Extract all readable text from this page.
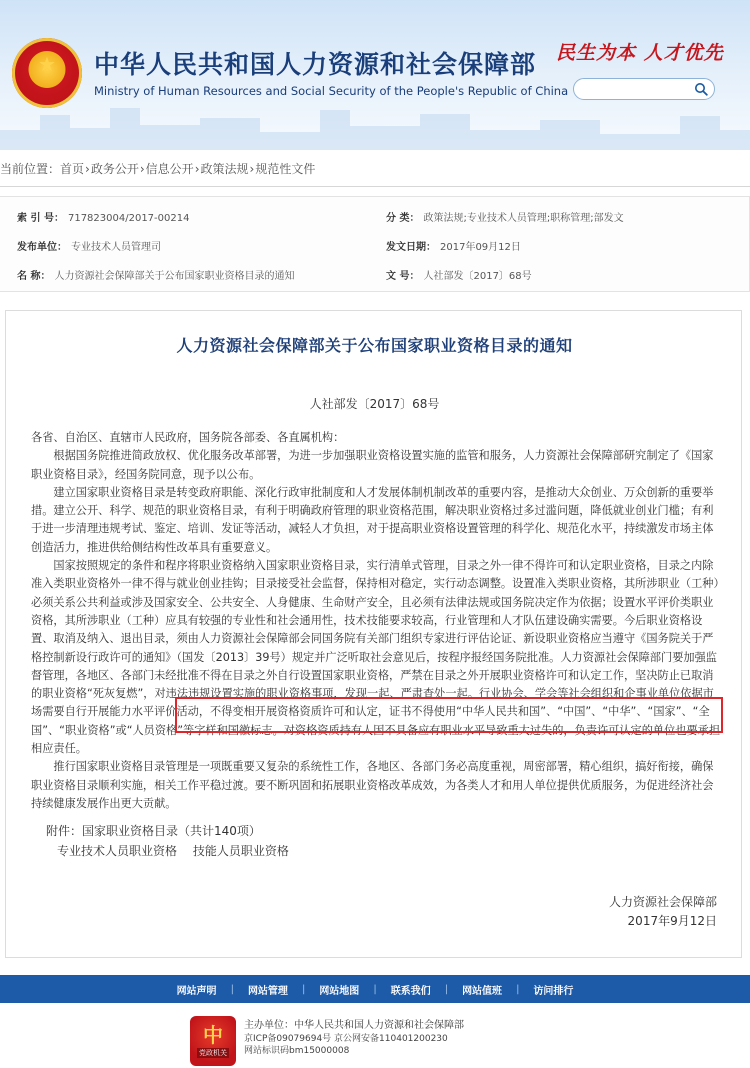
★ 中华人民共和国人力资源和社会保障部
Ministry of Human Resources and Social Security of the People's Republic of China
民生为本 人才优先
当前位置：首页›政务公开›信息公开›政策法规›规范性文件
索 引 号： 717823004/2017-00214	分 类： 政策法规;专业技术人员管理;职称管理;部发文
发布单位： 专业技术人员管理司	发文日期： 2017年09月12日
名 称： 人力资源社会保障部关于公布国家职业资格目录的通知	文 号： 人社部发〔2017〕68号
人力资源社会保障部关于公布国家职业资格目录的通知
人社部发〔2017〕68号

各省、自治区、直辖市人民政府，国务院各部委、各直属机构：

根据国务院推进简政放权、优化服务改革部署，为进一步加强职业资格设置实施的监管和服务，人力资源社会保障部研究制定了《国家职业资格目录》，经国务院同意，现予以公布。

建立国家职业资格目录是转变政府职能、深化行政审批制度和人才发展体制机制改革的重要内容，是推动大众创业、万众创新的重要举措。建立公开、科学、规范的职业资格目录，有利于明确政府管理的职业资格范围，解决职业资格过多过滥问题，降低就业创业门槛；有利于进一步清理违规考试、鉴定、培训、发证等活动，减轻人才负担，对于提高职业资格设置管理的科学化、规范化水平，持续激发市场主体创造活力，推进供给侧结构性改革具有重要意义。

国家按照规定的条件和程序将职业资格纳入国家职业资格目录，实行清单式管理，目录之外一律不得许可和认定职业资格，目录之内除准入类职业资格外一律不得与就业创业挂钩；目录接受社会监督，保持相对稳定，实行动态调整。设置准入类职业资格，其所涉职业（工种）必须关系公共利益或涉及国家安全、公共安全、人身健康、生命财产安全，且必须有法律法规或国务院决定作为依据；设置水平评价类职业资格，其所涉职业（工种）应具有较强的专业性和社会通用性，技术技能要求较高，行业管理和人才队伍建设确实需要。今后职业资格设置、取消及纳入、退出目录，须由人力资源社会保障部会同国务院有关部门组织专家进行评估论证、新设职业资格应当遵守《国务院关于严格控制新设行政许可的通知》（国发〔2013〕39号）规定并广泛听取社会意见后，按程序报经国务院批准。人力资源社会保障部门要加强监督管理，各地区、各部门未经批准不得在目录之外自行设置国家职业资格，严禁在目录之外开展职业资格许可和认定工作，坚决防止已取消的职业资格“死灰复燃”，对违法违规设置实施的职业资格事项，发现一起、严肃查处一起。行业协会、学会等社会组织和企事业单位依据市场需要自行开展能力水平评价活动，不得变相开展资格资质许可和认定，证书不得使用“中华人民共和国”、“中国”、“中华”、“国家”、“全国”、“职业资格”或“人员资格”等字样和国徽标志。对资格资质持有人因不具备应有职业水平导致重大过失的，负责许可认定的单位也要承担相应责任。

推行国家职业资格目录管理是一项既重要又复杂的系统性工作，各地区、各部门务必高度重视，周密部署，精心组织，搞好衔接，确保职业资格目录顺利实施，相关工作平稳过渡。要不断巩固和拓展职业资格改革成效，为各类人才和用人单位提供优质服务，为促进经济社会持续健康发展作出更大贡献。

附件：国家职业资格目录（共计140项）
专业技术人员职业资格 技能人员职业资格
人力资源社会保障部
2017年9月12日
网站声明	|	网站管理	|	网站地图	|	联系我们	|	网站值班	|	访问排行
中
党政机关
主办单位：中华人民共和国人力资源和社会保障部
京ICP备09079694号 京公网安备110401200230
网站标识码bm15000008
